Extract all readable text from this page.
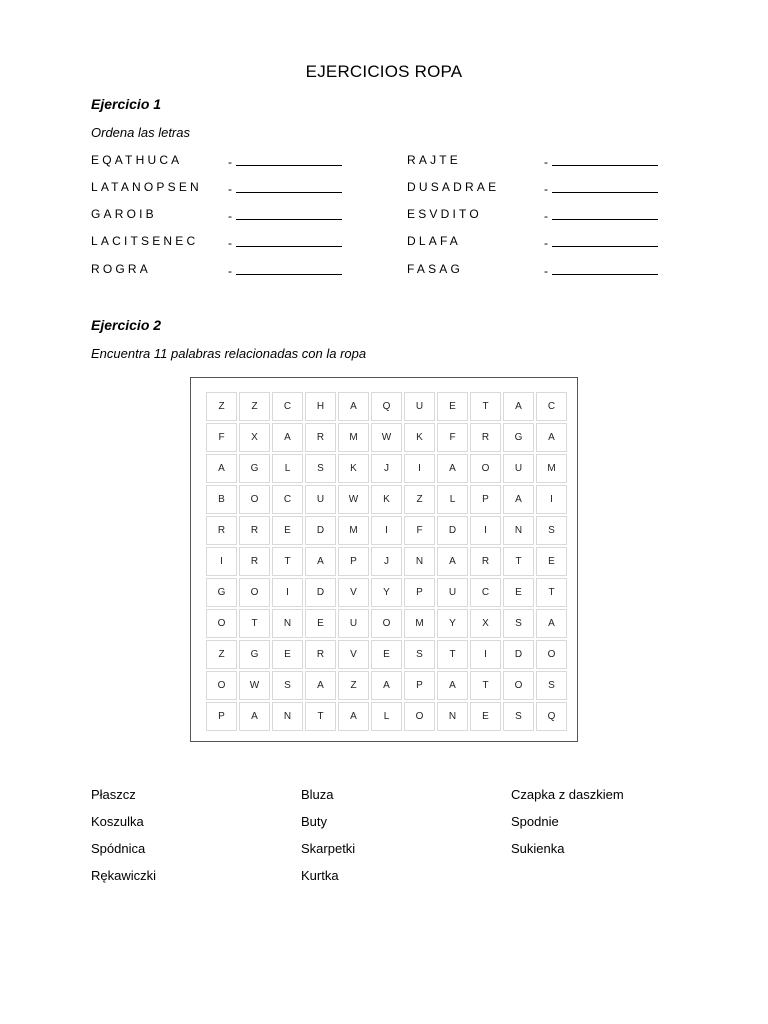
EJERCICIOS ROPA
Ejercicio 1
Ordena las letras
EQATHUCA	-	RAJTE	-
LATANOPSEN -	DUSADRAE	-
GAROIB	-	ESVDITO	-
LACITSENEC -	DLAFA	-
ROGRA	-	FASAG	-
Ejercicio 2
Encuentra 11 palabras relacionadas con la ropa
Z	Z	C	H	A	Q	U	E	T	A	C
F	X	A	R	M	W	K	F	R	G	A
A	G	L	S	K	J	I	A	O	U	M
B	O	C	U	W	K	Z	L	P	A	I
R	R	E	D	M	I	F	D	I	N	S
I	R	T	A	P	J	N	A	R	T	E
G	O	I	D	V	Y	P	U	C	E	T
O	T	N	E	U	O	M	Y	X	S	A
Z	G	E	R	V	E	S	T	I	D	O
O	W	S	A	Z	A	P	A	T	O	S
P	A	N	T	A	L	O	N	E	S	Q
Płaszcz	Bluza	Czapka z daszkiem
Koszulka	Buty	Spodnie
Spódnica	Skarpetki	Sukienka
Rękawiczki	Kurtka
